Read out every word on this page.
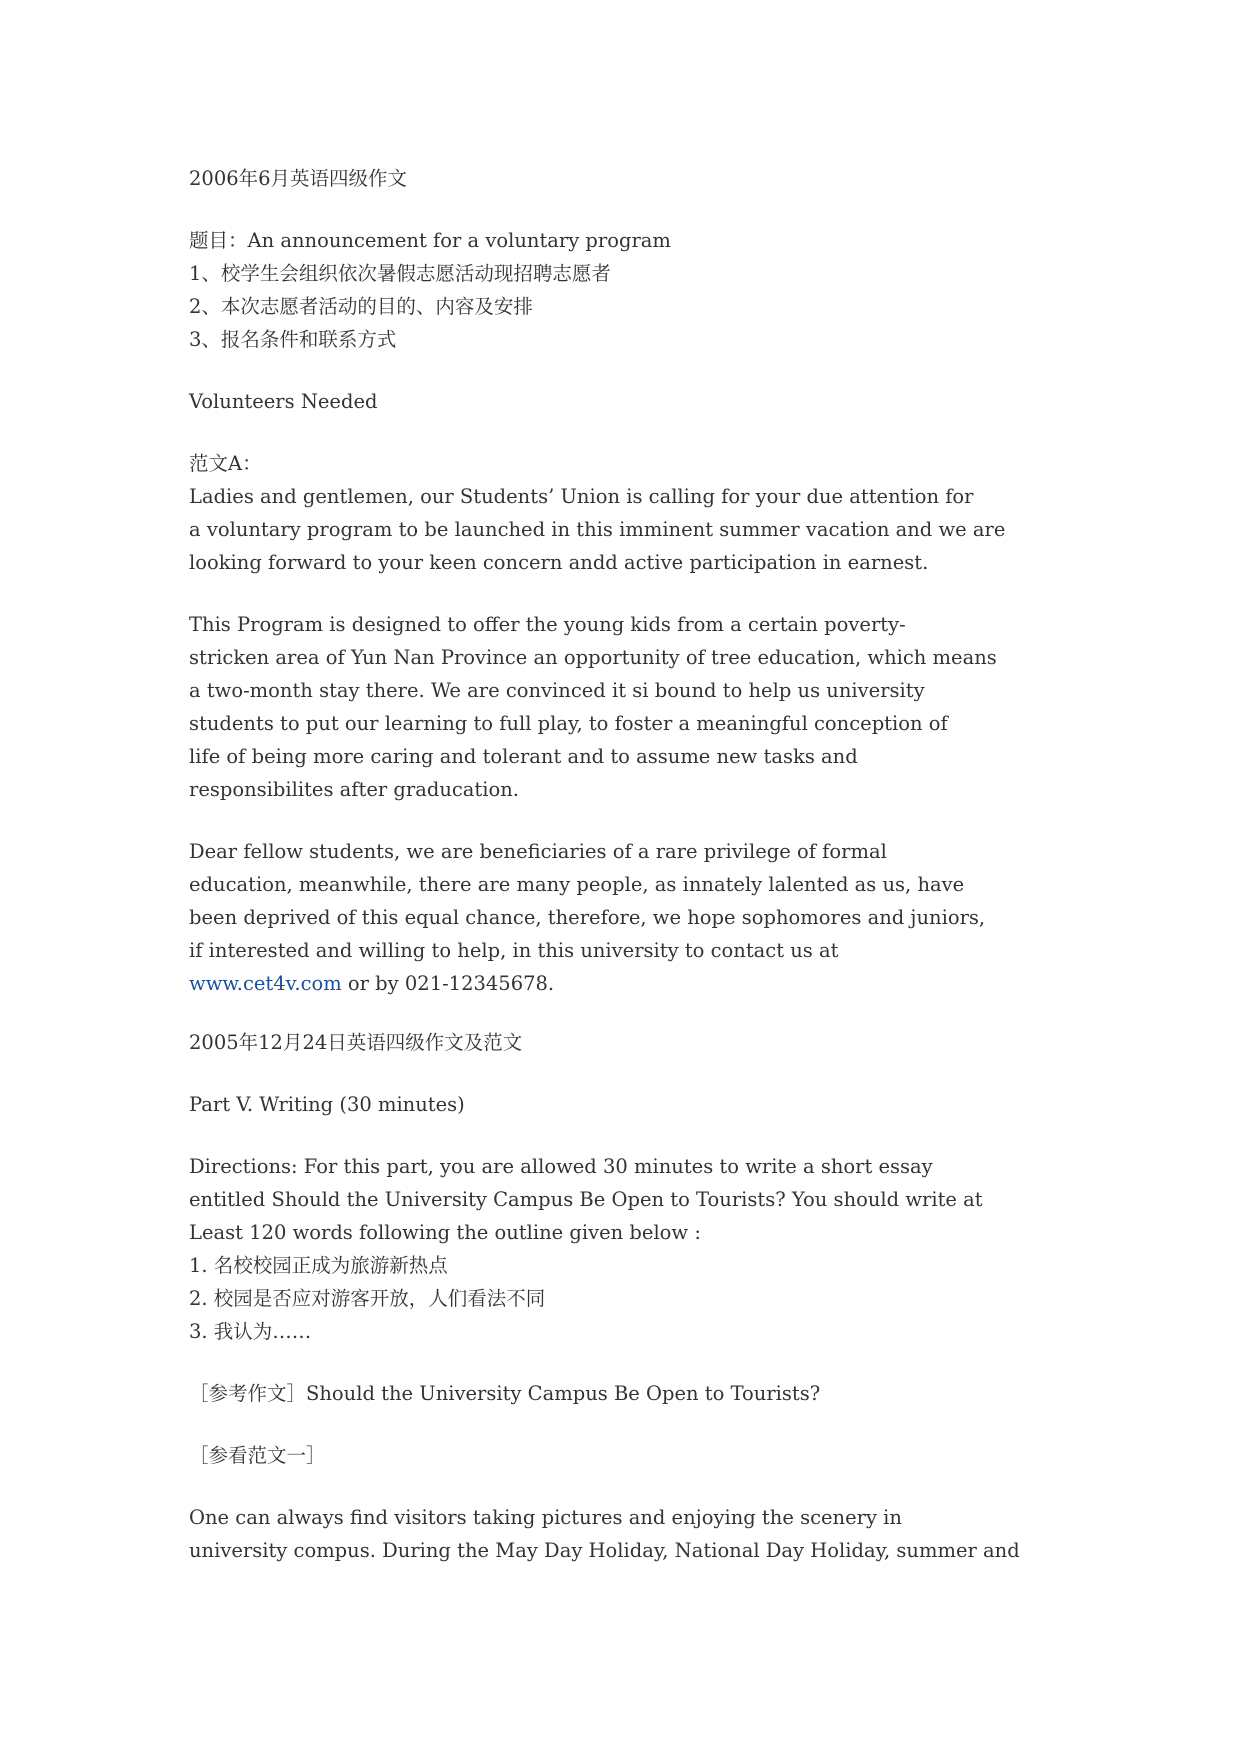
2006年6月英语四级作文
题目：An announcement for a voluntary program
1、校学生会组织依次暑假志愿活动现招聘志愿者
2、本次志愿者活动的目的、内容及安排
3、报名条件和联系方式
Volunteers Needed
范文A：
Ladies and gentlemen, our Students’ Union is calling for your due attention for
a voluntary program to be launched in this imminent summer vacation and we are
looking forward to your keen concern andd active participation in earnest.
This Program is designed to offer the young kids from a certain poverty-
stricken area of Yun Nan Province an opportunity of tree education, which means
a two-month stay there. We are convinced it si bound to help us university
students to put our learning to full play, to foster a meaningful conception of
life of being more caring and tolerant and to assume new tasks and
responsibilites after graducation.
Dear fellow students, we are beneficiaries of a rare privilege of formal
education, meanwhile, there are many people, as innately lalented as us, have
been deprived of this equal chance, therefore, we hope sophomores and juniors,
if interested and willing to help, in this university to contact us at
www.cet4v.com or by 021-12345678.
2005年12月24日英语四级作文及范文
Part V. Writing (30 minutes)
Directions: For this part, you are allowed 30 minutes to write a short essay
entitled Should the University Campus Be Open to Tourists? You should write at
Least 120 words following the outline given below :
1. 名校校园正成为旅游新热点
2. 校园是否应对游客开放，人们看法不同
3. 我认为……
［参考作文］Should the University Campus Be Open to Tourists?
［参看范文一］
One can always find visitors taking pictures and enjoying the scenery in
university compus. During the May Day Holiday, National Day Holiday, summer and
